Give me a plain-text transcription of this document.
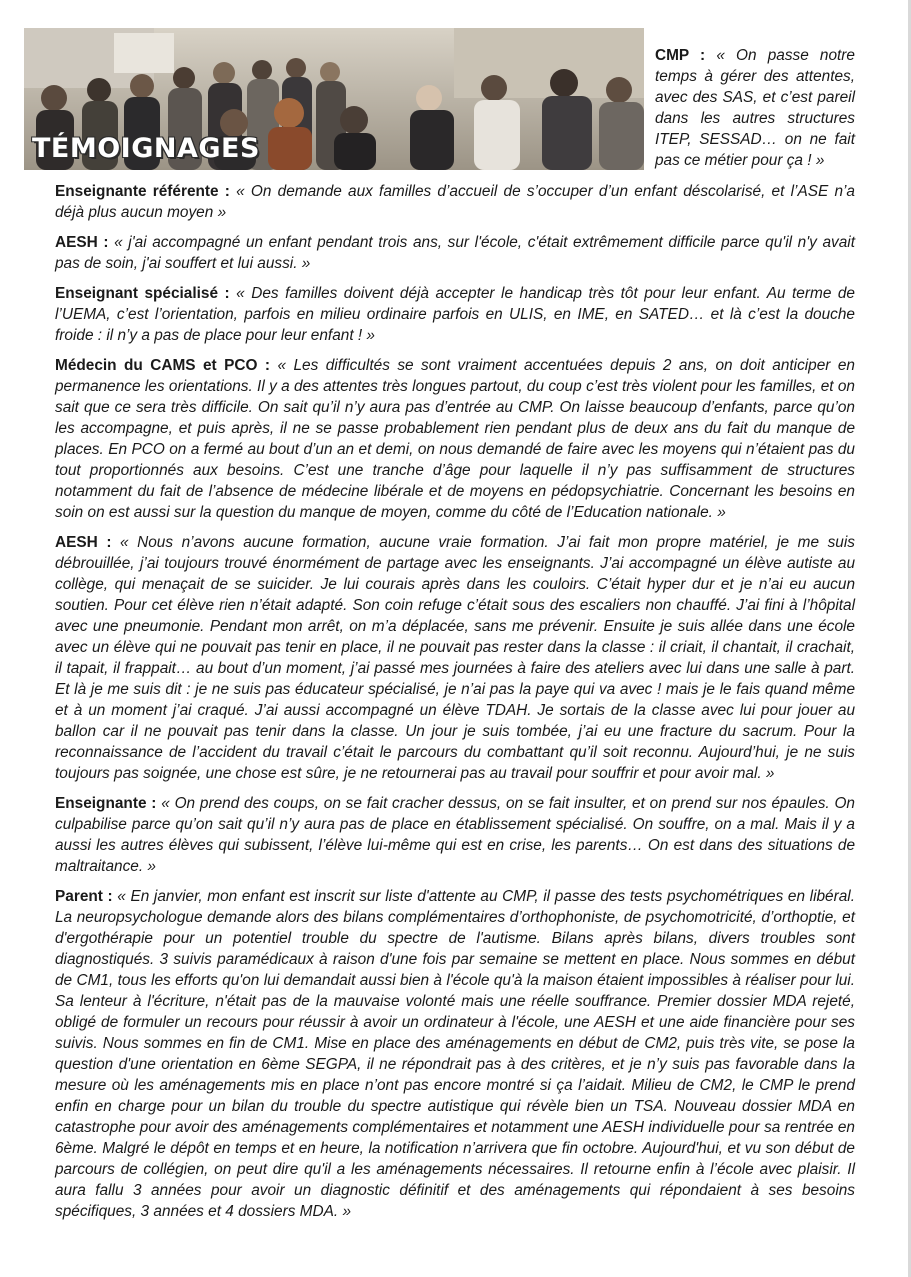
TÉMOIGNAGES
CMP : « On passe notre temps à gérer des attentes, avec des SAS, et c’est pareil dans les autres structures ITEP, SESSAD… on ne fait pas ce métier pour ça ! »

Enseignante référente : « On demande aux familles d’accueil de s’occuper d’un enfant déscolarisé, et l’ASE n’a déjà plus aucun moyen »

AESH : « j'ai accompagné un enfant pendant trois ans, sur l'école, c'était extrêmement difficile parce qu'il n'y avait pas de soin, j'ai souffert et lui aussi. »

Enseignant spécialisé : « Des familles doivent déjà accepter le handicap très tôt pour leur enfant. Au terme de l’UEMA, c’est l’orientation, parfois en milieu ordinaire parfois en ULIS, en IME, en SATED… et là c’est la douche froide : il n’y a pas de place pour leur enfant ! »

Médecin du CAMS et PCO : « Les difficultés se sont vraiment accentuées depuis 2 ans, on doit anticiper en permanence les orientations. Il y a des attentes très longues partout, du coup c’est très violent pour les familles, et on sait que ce sera très difficile. On sait qu’il n’y aura pas d’entrée au CMP. On laisse beaucoup d’enfants, parce qu’on les accompagne, et puis après, il ne se passe probablement rien pendant plus de deux ans du fait du manque de places. En PCO on a fermé au bout d’un an et demi, on nous demandé de faire avec les moyens qui n’étaient pas du tout proportionnés aux besoins. C’est une tranche d’âge pour laquelle il n’y pas suffisamment de structures notamment du fait de l’absence de médecine libérale et de moyens en pédopsychiatrie. Concernant les besoins en soin on est aussi sur la question du manque de moyen, comme du côté de l’Education nationale. »

AESH : « Nous n’avons aucune formation, aucune vraie formation. J’ai fait mon propre matériel, je me suis débrouillée, j’ai toujours trouvé énormément de partage avec les enseignants. J’ai accompagné un élève autiste au collège, qui menaçait de se suicider. Je lui courais après dans les couloirs. C’était hyper dur et je n’ai eu aucun soutien. Pour cet élève rien n’était adapté. Son coin refuge c’était sous des escaliers non chauffé. J’ai fini à l’hôpital avec une pneumonie. Pendant mon arrêt, on m’a déplacée, sans me prévenir. Ensuite je suis allée dans une école avec un élève qui ne pouvait pas tenir en place, il ne pouvait pas rester dans la classe : il criait, il chantait, il crachait, il tapait, il frappait… au bout d’un moment, j’ai passé mes journées à faire des ateliers avec lui dans une salle à part. Et là je me suis dit : je ne suis pas éducateur spécialisé, je n’ai pas la paye qui va avec ! mais je le fais quand même et à un moment j’ai craqué. J’ai aussi accompagné un élève TDAH. Je sortais de la classe avec lui pour jouer au ballon car il ne pouvait pas tenir dans la classe. Un jour je suis tombée, j’ai eu une fracture du sacrum. Pour la reconnaissance de l’accident du travail c’était le parcours du combattant qu’il soit reconnu. Aujourd’hui, je ne suis toujours pas soignée, une chose est sûre, je ne retournerai pas au travail pour souffrir et pour avoir mal. »

Enseignante : « On prend des coups, on se fait cracher dessus, on se fait insulter, et on prend sur nos épaules. On culpabilise parce qu’on sait qu’il n’y aura pas de place en établissement spécialisé. On souffre, on a mal. Mais il y a aussi les autres élèves qui subissent, l’élève lui-même qui est en crise, les parents… On est dans des situations de maltraitance. »

Parent : « En janvier, mon enfant est inscrit sur liste d'attente au CMP, il passe des tests psychométriques en libéral. La neuropsychologue demande alors des bilans complémentaires d’orthophoniste, de psychomotricité, d’orthoptie, et d'ergothérapie pour un potentiel trouble du spectre de l'autisme. Bilans après bilans, divers troubles sont diagnostiqués. 3 suivis paramédicaux à raison d'une fois par semaine se mettent en place. Nous sommes en début de CM1, tous les efforts qu'on lui demandait aussi bien à l'école qu'à la maison étaient impossibles à réaliser pour lui. Sa lenteur à l'écriture, n'était pas de la mauvaise volonté mais une réelle souffrance. Premier dossier MDA rejeté, obligé de formuler un recours pour réussir à avoir un ordinateur à l'école, une AESH et une aide financière pour ses suivis. Nous sommes en fin de CM1. Mise en place des aménagements en début de CM2, puis très vite, se pose la question d'une orientation en 6ème SEGPA, il ne répondrait pas à des critères, et je n’y suis pas favorable dans la mesure où les aménagements mis en place n’ont pas encore montré si ça l’aidait. Milieu de CM2, le CMP le prend enfin en charge pour un bilan du trouble du spectre autistique qui révèle bien un TSA. Nouveau dossier MDA en catastrophe pour avoir des aménagements complémentaires et notamment une AESH individuelle pour sa rentrée en 6ème. Malgré le dépôt en temps et en heure, la notification n’arrivera que fin octobre. Aujourd'hui, et vu son début de parcours de collégien, on peut dire qu'il a les aménagements nécessaires. Il retourne enfin à l’école avec plaisir. Il aura fallu 3 années pour avoir un diagnostic définitif et des aménagements qui répondaient à ses besoins spécifiques, 3 années et 4 dossiers MDA. »
